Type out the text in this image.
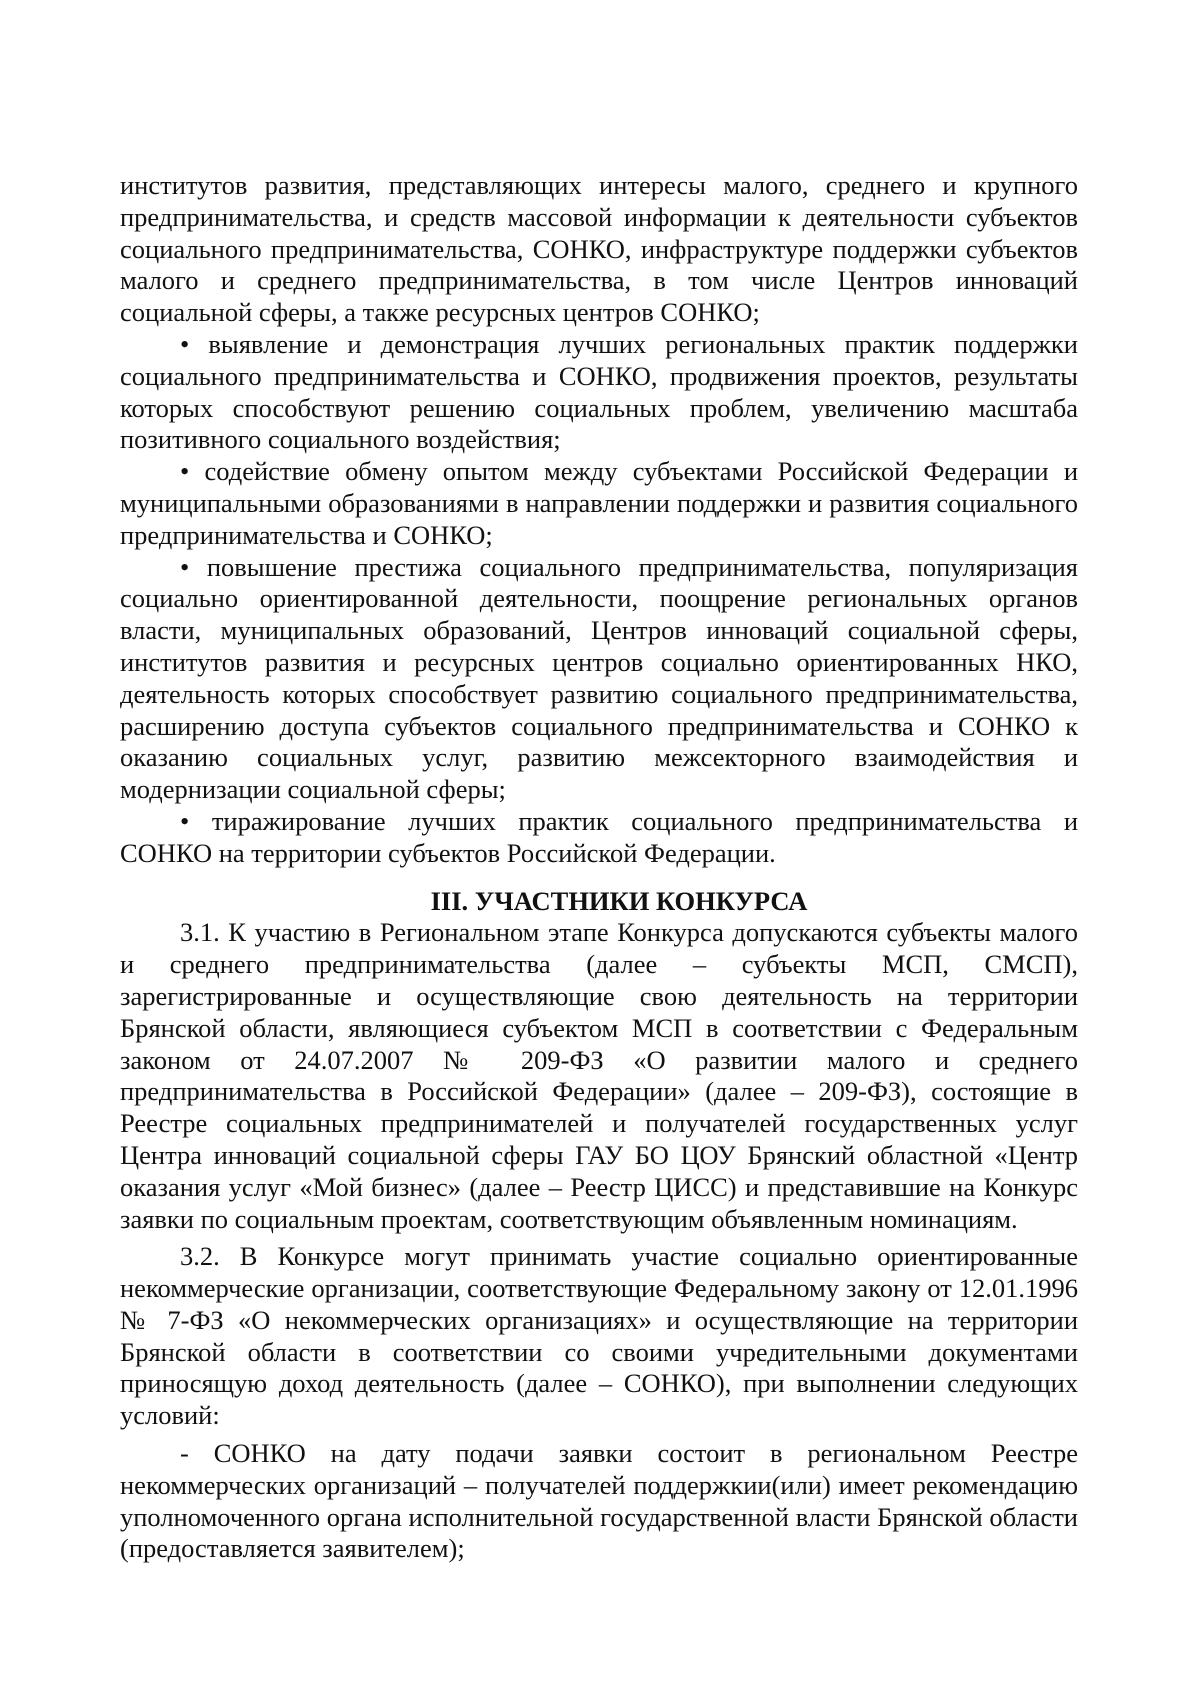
институтов развития, представляющих интересы малого, среднего и крупного предпринимательства, и средств массовой информации к деятельности субъектов социального предпринимательства, СОНКО, инфраструктуре поддержки субъектов малого и среднего предпринимательства, в том числе Центров инноваций социальной сферы, а также ресурсных центров СОНКО;

• выявление и демонстрация лучших региональных практик поддержки социального предпринимательства и СОНКО, продвижения проектов, результаты которых способствуют решению социальных проблем, увеличению масштаба позитивного социального воздействия;

• содействие обмену опытом между субъектами Российской Федерации и муниципальными образованиями в направлении поддержки и развития социального предпринимательства и СОНКО;

• повышение престижа социального предпринимательства, популяризация социально ориентированной деятельности, поощрение региональных органов власти, муниципальных образований, Центров инноваций социальной сферы, институтов развития и ресурсных центров социально ориентированных НКО, деятельность которых способствует развитию социального предпринимательства, расширению доступа субъектов социального предпринимательства и СОНКО к оказанию социальных услуг, развитию межсекторного взаимодействия и модернизации социальной сферы;

• тиражирование лучших практик социального предпринимательства и СОНКО на территории субъектов Российской Федерации.

III. УЧАСТНИКИ КОНКУРСА

3.1. К участию в Региональном этапе Конкурса допускаются субъекты малого и среднего предпринимательства (далее – субъекты МСП, СМСП), зарегистрированные и осуществляющие свою деятельность на территории Брянской области, являющиеся субъектом МСП в соответствии с Федеральным законом от 24.07.2007 № 209-ФЗ «О развитии малого и среднего предпринимательства в Российской Федерации» (далее – 209-ФЗ), состоящие в Реестре социальных предпринимателей и получателей государственных услуг Центра инноваций социальной сферы ГАУ БО ЦОУ Брянский областной «Центр оказания услуг «Мой бизнес» (далее – Реестр ЦИСС) и представившие на Конкурс заявки по социальным проектам, соответствующим объявленным номинациям.

3.2. В Конкурсе могут принимать участие социально ориентированные некоммерческие организации, соответствующие Федеральному закону от 12.01.1996 № 7-ФЗ «О некоммерческих организациях» и осуществляющие на территории Брянской области в соответствии со своими учредительными документами приносящую доход деятельность (далее – СОНКО), при выполнении следующих условий:

- СОНКО на дату подачи заявки состоит в региональном Реестре некоммерческих организаций – получателей поддержкии(или) имеет рекомендацию уполномоченного органа исполнительной государственной власти Брянской области (предоставляется заявителем);
